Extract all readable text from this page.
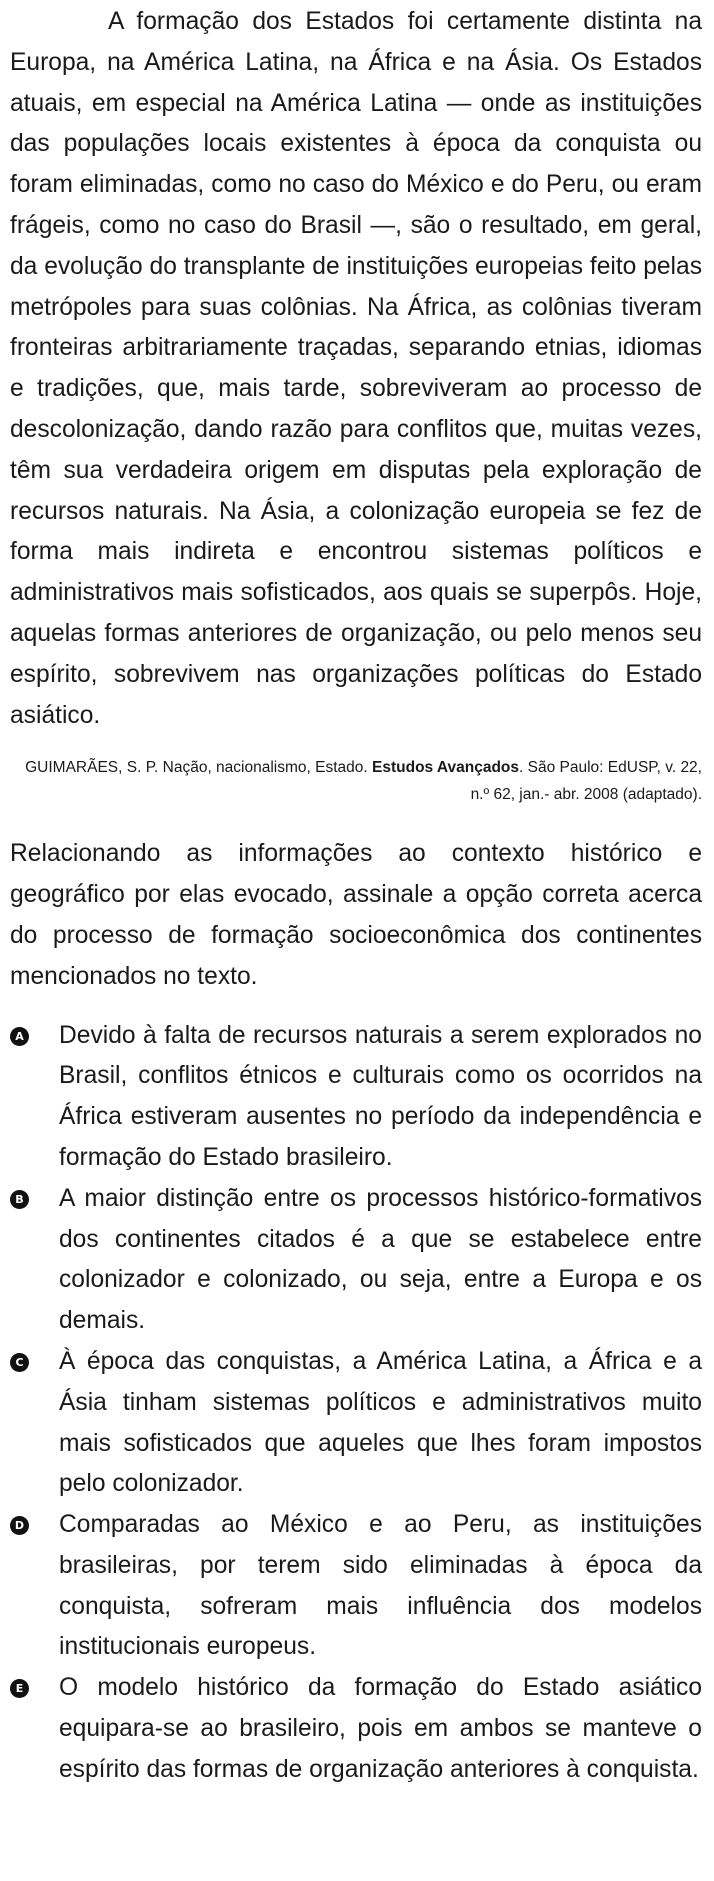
A formação dos Estados foi certamente distinta na Europa, na América Latina, na África e na Ásia. Os Estados atuais, em especial na América Latina — onde as instituições das populações locais existentes à época da conquista ou foram eliminadas, como no caso do México e do Peru, ou eram frágeis, como no caso do Brasil —, são o resultado, em geral, da evolução do transplante de instituições europeias feito pelas metrópoles para suas colônias. Na África, as colônias tiveram fronteiras arbitrariamente traçadas, separando etnias, idiomas e tradições, que, mais tarde, sobreviveram ao processo de descolonização, dando razão para conflitos que, muitas vezes, têm sua verdadeira origem em disputas pela exploração de recursos naturais. Na Ásia, a colonização europeia se fez de forma mais indireta e encontrou sistemas políticos e administrativos mais sofisticados, aos quais se superpôs. Hoje, aquelas formas anteriores de organização, ou pelo menos seu espírito, sobrevivem nas organizações políticas do Estado asiático.

GUIMARÃES, S. P. Nação, nacionalismo, Estado. Estudos Avançados. São Paulo: EdUSP, v. 22, n.º 62, jan.- abr. 2008 (adaptado).

Relacionando as informações ao contexto histórico e geográfico por elas evocado, assinale a opção correta acerca do processo de formação socioeconômica dos continentes mencionados no texto.

A Devido à falta de recursos naturais a serem explorados no Brasil, conflitos étnicos e culturais como os ocorridos na África estiveram ausentes no período da independência e formação do Estado brasileiro.
B A maior distinção entre os processos histórico-formativos dos continentes citados é a que se estabelece entre colonizador e colonizado, ou seja, entre a Europa e os demais.
C À época das conquistas, a América Latina, a África e a Ásia tinham sistemas políticos e administrativos muito mais sofisticados que aqueles que lhes foram impostos pelo colonizador.
D Comparadas ao México e ao Peru, as instituições brasileiras, por terem sido eliminadas à época da conquista, sofreram mais influência dos modelos institucionais europeus.
E O modelo histórico da formação do Estado asiático equipara-se ao brasileiro, pois em ambos se manteve o espírito das formas de organização anteriores à conquista.
